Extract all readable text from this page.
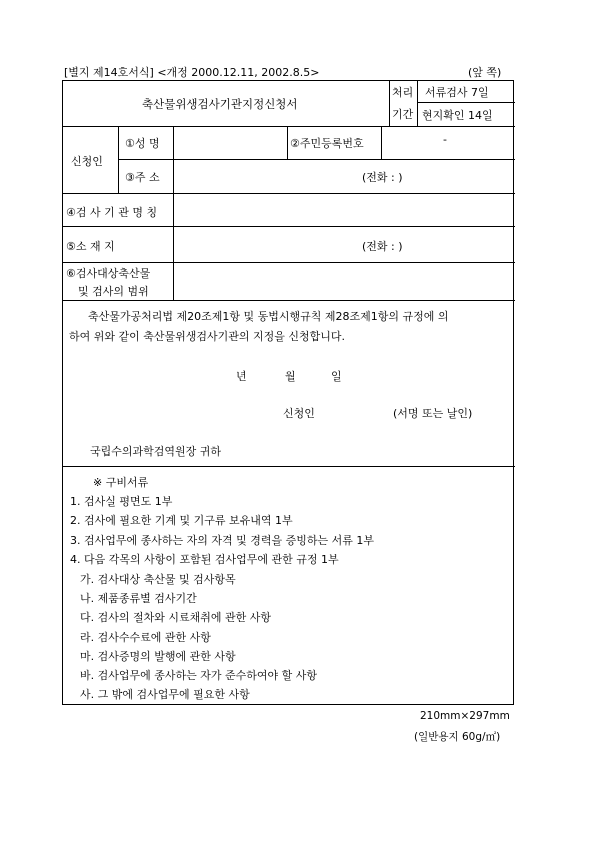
[별지 제14호서식] <개정 2000.12.11, 2002.8.5>	(앞 쪽)
축산물위생검사기관지정신청서
처리
기간
서류검사 7일
현지확인 14일
신청인
①성 명	②주민등록번호	-
③주 소	(전화 : )
④검 사 기 관 명 칭
⑤소 재 지	(전화 : )
⑥검사대상축산물
및 검사의 범위
축산물가공처리법 제20조제1항 및 동법시행규칙 제28조제1항의 규정에 의
하여 위와 같이 축산물위생검사기관의 지정을 신청합니다.
년	월	일
신청인	(서명 또는 날인)
국립수의과학검역원장 귀하
※ 구비서류
1. 검사실 평면도 1부
2. 검사에 필요한 기계 및 기구류 보유내역 1부
3. 검사업무에 종사하는 자의 자격 및 경력을 증빙하는 서류 1부
4. 다음 각목의 사항이 포함된 검사업무에 관한 규정 1부
가. 검사대상 축산물 및 검사항목
나. 제품종류별 검사기간
다. 검사의 절차와 시료채취에 관한 사항
라. 검사수수료에 관한 사항
마. 검사증명의 발행에 관한 사항
바. 검사업무에 종사하는 자가 준수하여야 할 사항
사. 그 밖에 검사업무에 필요한 사항
210mm×297mm
(일반용지 60g/㎡)
